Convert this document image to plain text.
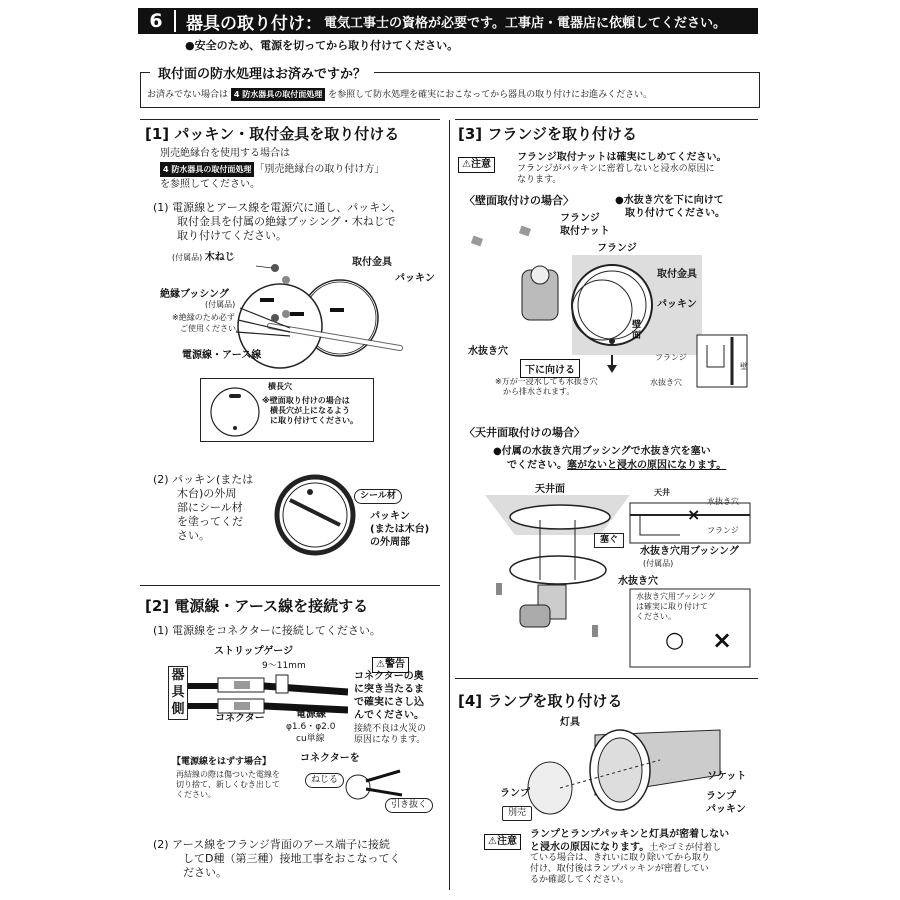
6	器具の取り付け： 電気工事士の資格が必要です。工事店・電器店に依頼してください。
●安全のため、電源を切ってから取り付けてください。
取付面の防水処理はお済みですか？
お済みでない場合は 4 防水器具の取付面処理 を参照して防水処理を確実におこなってから器具の取り付けにお進みください。
[1] パッキン・取付金具を取り付ける
別売絶縁台を使用する場合は
4 防水器具の取付面処理 「別売絶縁台の取り付け方」
を参照してください。
(1) 電源線とアース線を電源穴に通し、パッキン、
取付金具を付属の絶縁ブッシング・木ねじで
取り付けてください。
(付属品) 木ねじ
絶縁ブッシング
(付属品)
※絶縁のため必ず
ご使用ください。
取付金具
パッキン
電源線・アース線
横長穴
※壁面取り付けの場合は
横長穴が上になるよう
に取り付けてください。
(2) パッキン(または
木台)の外周
部にシール材
を塗ってくだ
さい。
シール材
パッキン
(または木台)
の外周部
[2] 電源線・アース線を接続する
(1) 電源線をコネクターに接続してください。
ストリップゲージ
9～11mm
器
具
側
コネクター	電源線
φ1.6・φ2.0
cu単線
⚠警告
コネクターの奥
に突き当たるま
で確実にさし込
んでください。
接続不良は火災の
原因になります。
【電源線をはずす場合】
再結線の際は傷ついた電線を
切り捨て、新しくむき出して
ください。
コネクターを
ねじる
引き抜く
(2) アース線をフランジ背面のアース端子に接続
してD種（第三種）接地工事をおこなってく
ださい。
[3] フランジを取り付ける
⚠注意
フランジ取付ナットは確実にしめてください。
フランジがパッキンに密着しないと浸水の原因に
なります。
〈壁面取付けの場合〉	●水抜き穴を下に向けて
取り付けてください。
フランジ
取付ナット
フランジ
取付金具
パッキン
壁
面
水抜き穴
下に向ける
※万が一浸水しても水抜き穴
から排水されます。
フランジ
壁
水抜き穴
〈天井面取付けの場合〉
●付属の水抜き穴用ブッシングで水抜き穴を塞い
でください。塞がないと浸水の原因になります。
天井面
塞ぐ
水抜き穴用ブッシング
(付属品)
水抜き穴
天井
水抜き穴
フランジ
×
水抜き穴用ブッシング
は確実に取り付けて
ください。
○ ×
[4] ランプを取り付ける
灯具
ソケット
ランプ
別売
ランプ
パッキン
⚠注意
ランプとランプパッキンと灯具が密着しない
と浸水の原因になります。土やゴミが付着し
ている場合は、きれいに取り除いてから取り
付け、取付後はランプパッキンが密着してい
るか確認してください。
